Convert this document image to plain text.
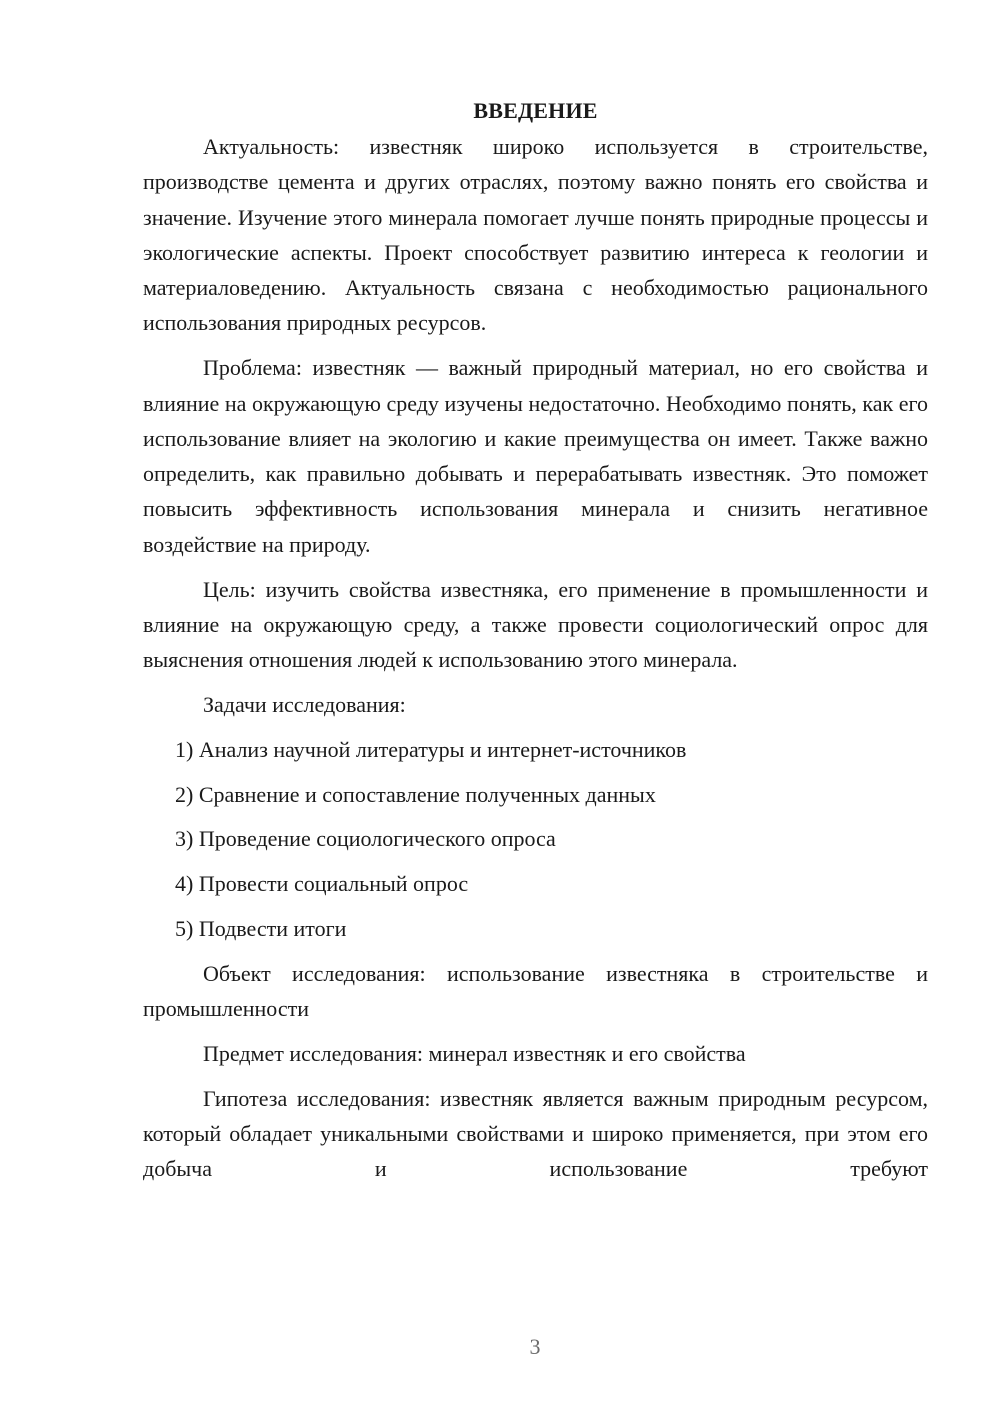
ВВЕДЕНИЕ

Актуальность: известняк широко используется в строительстве, производстве цемента и других отраслях, поэтому важно понять его свойства и значение. Изучение этого минерала помогает лучше понять природные процессы и экологические аспекты. Проект способствует развитию интереса к геологии и материаловедению. Актуальность связана с необходимостью рационального использования природных ресурсов.

Проблема: известняк — важный природный материал, но его свойства и влияние на окружающую среду изучены недостаточно. Необходимо понять, как его использование влияет на экологию и какие преимущества он имеет. Также важно определить, как правильно добывать и перерабатывать известняк. Это поможет повысить эффективность использования минерала и снизить негативное воздействие на природу.

Цель: изучить свойства известняка, его применение в промышленности и влияние на окружающую среду, а также провести социологический опрос для выяснения отношения людей к использованию этого минерала.

Задачи исследования:

1) Анализ научной литературы и интернет-источников

2) Сравнение и сопоставление полученных данных

3) Проведение социологического опроса

4) Провести социальный опрос

5) Подвести итоги

Объект исследования: использование известняка в строительстве и промышленности

Предмет исследования: минерал известняк и его свойства

Гипотеза исследования: известняк является важным природным ресурсом, который обладает уникальными свойствами и широко применяется, при этом его добыча и использование требуют

3
